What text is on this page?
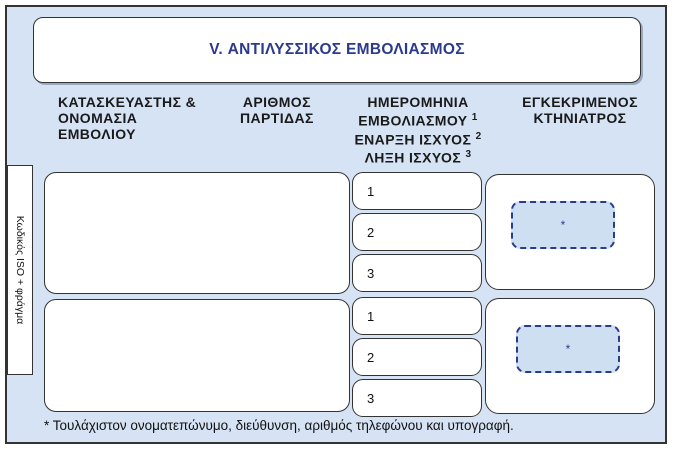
V. ΑΝΤΙΛΥΣΣΙΚΟΣ ΕΜΒΟΛΙΑΣΜΟΣ
ΚΑΤΑΣΚΕΥΑΣΤΗΣ &
ΟΝΟΜΑΣΙΑ
ΕΜΒΟΛΙΟΥ
ΑΡΙΘΜΟΣ
ΠΑΡΤΙΔΑΣ
ΗΜΕΡΟΜΗΝΙΑ
ΕΜΒΟΛΙΑΣΜΟΥ $^1$
ΕΝΑΡΞΗ ΙΣΧΥΟΣ $^2$
ΛΗΞΗ ΙΣΧΥΟΣ $^3$
ΕΓΚΕΚΡΙΜΕΝΟΣ
ΚΤΗΝΙΑΤΡΟΣ
Κωδικός ISO + φράγμα
1
2
3
*
1
2
3
*
* Τουλάχιστον ονοματεπώνυμο, διεύθυνση, αριθμός τηλεφώνου και υπογραφή.
